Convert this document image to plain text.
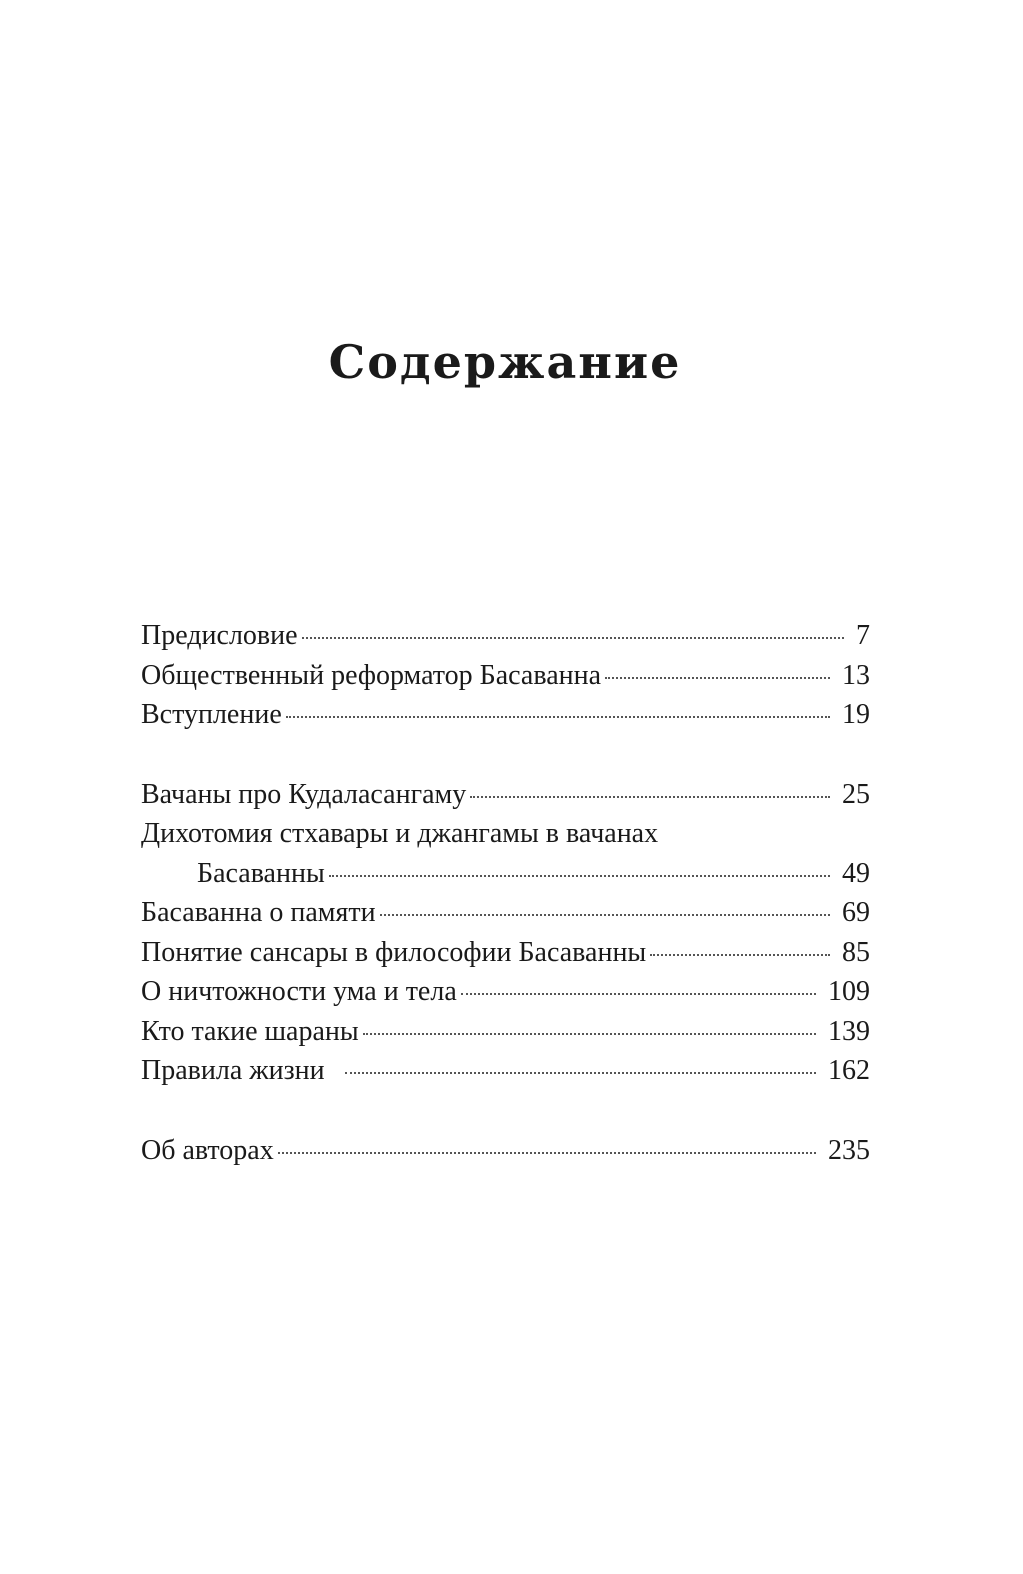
Содержание
Предисловие	7
Общественный реформатор Басаванна	13
Вступление	19
Вачаны про Кудаласангаму	25
Дихотомия стхавары и джангамы в вачанах
Басаванны	49
Басаванна о памяти	69
Понятие сансары в философии Басаванны	85
О ничтожности ума и тела	109
Кто такие шараны	139
Правила жизни	162
Об авторах	235
